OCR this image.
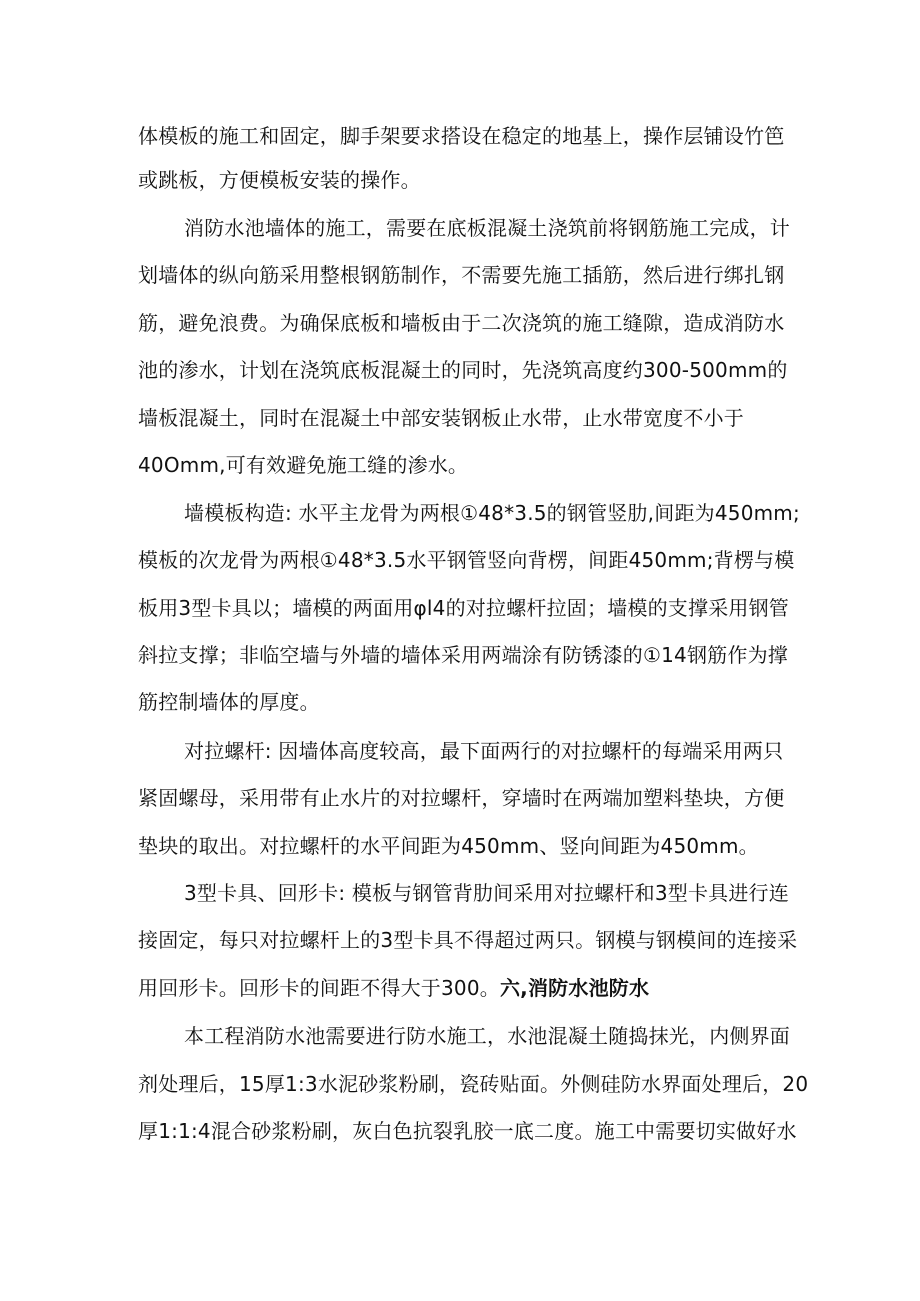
体模板的施工和固定，脚手架要求搭设在稳定的地基上，操作层铺设竹笆
或跳板，方便模板安装的操作。
消防水池墙体的施工，需要在底板混凝土浇筑前将钢筋施工完成，计
划墙体的纵向筋采用整根钢筋制作，不需要先施工插筋，然后进行绑扎钢
筋，避免浪费。为确保底板和墙板由于二次浇筑的施工缝隙，造成消防水
池的渗水，计划在浇筑底板混凝土的同时，先浇筑高度约300-500mm的
墙板混凝土，同时在混凝土中部安装钢板止水带，止水带宽度不小于
40Omm,可有效避免施工缝的渗水。
墙模板构造: 水平主龙骨为两根①48*3.5的钢管竖肋,间距为450mm;
模板的次龙骨为两根①48*3.5水平钢管竖向背楞，间距450mm;背楞与模
板用3型卡具以；墙模的两面用φl4的对拉螺杆拉固；墙模的支撑采用钢管
斜拉支撑；非临空墙与外墙的墙体采用两端涂有防锈漆的①14钢筋作为撑
筋控制墙体的厚度。
对拉螺杆: 因墙体高度较高，最下面两行的对拉螺杆的每端采用两只
紧固螺母，采用带有止水片的对拉螺杆，穿墙时在两端加塑料垫块，方便
垫块的取出。对拉螺杆的水平间距为450mm、竖向间距为450mm。
3型卡具、回形卡: 模板与钢管背肋间采用对拉螺杆和3型卡具进行连
接固定，每只对拉螺杆上的3型卡具不得超过两只。钢模与钢模间的连接采
用回形卡。回形卡的间距不得大于300。六,消防水池防水
本工程消防水池需要进行防水施工，水池混凝土随捣抹光，内侧界面
剂处理后，15厚1:3水泥砂浆粉刷，瓷砖贴面。外侧硅防水界面处理后，20
厚1:1:4混合砂浆粉刷，灰白色抗裂乳胶一底二度。施工中需要切实做好水
